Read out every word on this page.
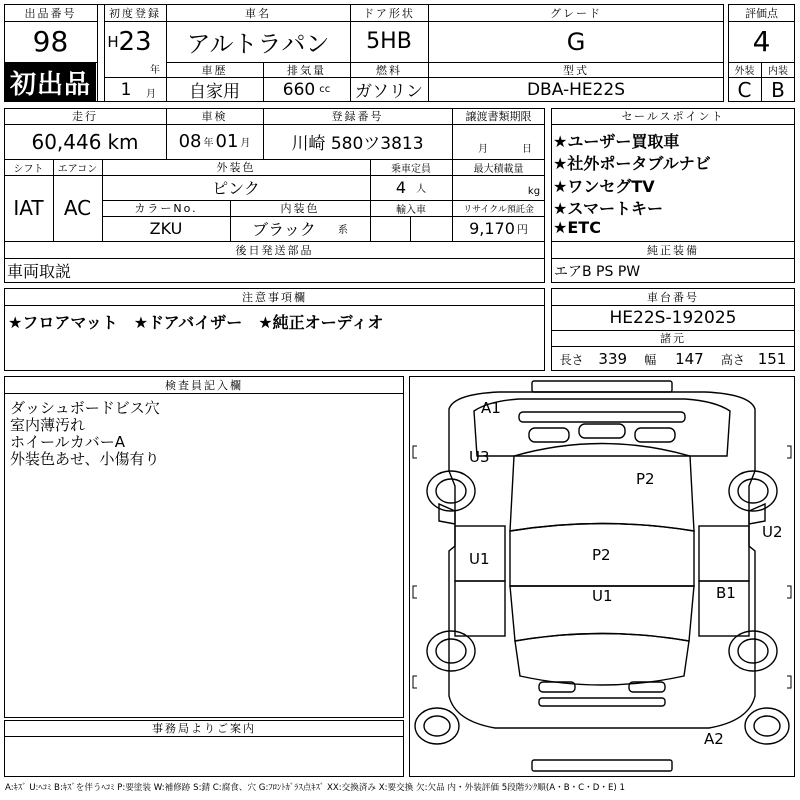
出品番号
98
初出品
初度登録
H 23
年
1	月
車名
アルトラパン
ドア形状
5HB
グレード
G
車歴
自家用
排気量
660 cc
燃料
ガソリン
型式
DBA-HE22S
評価点
4
外装	内装
C B
走行
60,446 km
車検
08 年 01 月
登録番号
川崎 580ツ3813
譲渡書類期限
月	日
シフト
IAT
エアコン
AC
外装色
ピンク
乗車定員
4 人
最大積載量
kg
カラーNo.
ZKU
内装色
ブラック 系
輸入車	リサイクル預託金
9,170 円
後日発送部品
車両取説
セールスポイント
★ユーザー買取車
★社外ポータブルナビ
★ワンセグTV
★スマートキー
★ETC
純正装備
エアB PS PW
注意事項欄
★フロアマット　★ドアバイザー　★純正オーディオ
車台番号
HE22S-192025
諸元
長さ 339 幅 147 高さ 151
検査員記入欄
ダッシュボードビス穴
室内薄汚れ
ホイールカバーA
外装色あせ、小傷有り
事務局よりご案内
A1
U3
P2
U2
U1	P2
U1	B1
A2
A:ｷｽﾞ U:ﾍｺﾐ B:ｷｽﾞを伴うﾍｺﾐ P:要塗装 W:補修跡 S:錆 C:腐食、穴 G:ﾌﾛﾝﾄｶﾞﾗｽ点ｷｽﾞ XX:交換済み X:要交換 欠:欠品 内・外装評価 5段階ﾗﾝｸ順(A・B・C・D・E) 1
